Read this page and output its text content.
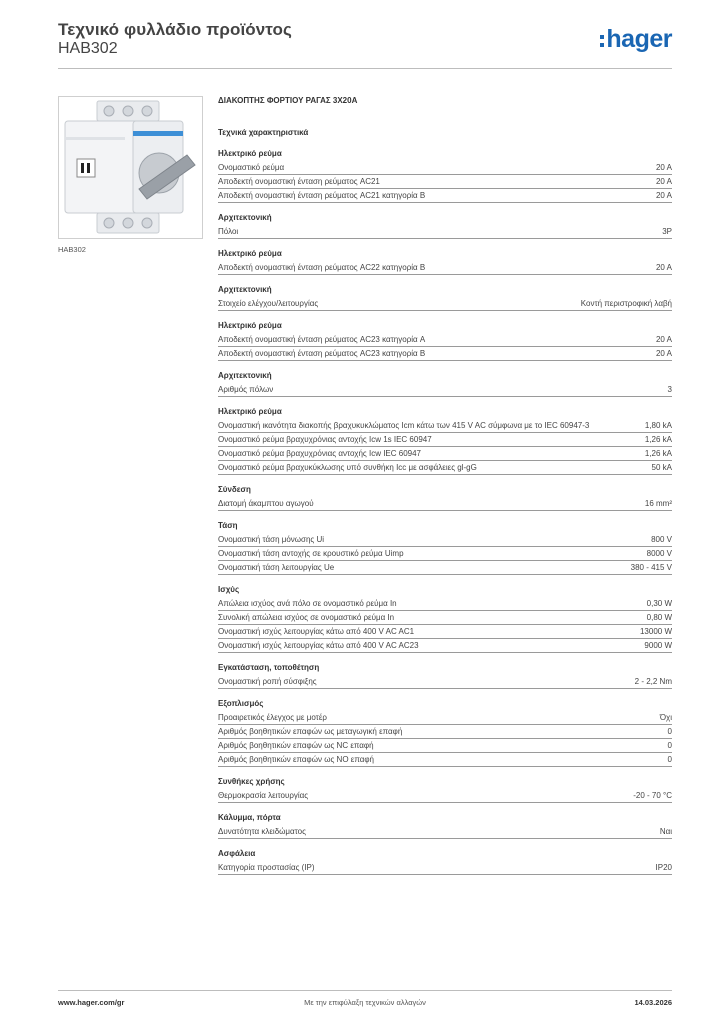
Τεχνικό φυλλάδιο προϊόντος
HAB302	hager
HAB302
ΔΙΑΚΟΠΤΗΣ ΦΟΡΤΙΟΥ ΡΑΓΑΣ 3Χ20Α
Τεχνικά χαρακτηριστικά
Ηλεκτρικό ρεύμα
Ονομαστικό ρεύμα	20 A
Αποδεκτή ονομαστική ένταση ρεύματος AC21	20 A
Αποδεκτή ονομαστική ένταση ρεύματος AC21 κατηγορία B	20 A
Αρχιτεκτονική
Πόλοι	3P
Ηλεκτρικό ρεύμα
Αποδεκτή ονομαστική ένταση ρεύματος AC22 κατηγορία B	20 A
Αρχιτεκτονική
Στοιχείο ελέγχου/λειτουργίας	Κοντή περιστροφική λαβή
Ηλεκτρικό ρεύμα
Αποδεκτή ονομαστική ένταση ρεύματος AC23 κατηγορία A	20 A
Αποδεκτή ονομαστική ένταση ρεύματος AC23 κατηγορία B	20 A
Αρχιτεκτονική
Αριθμός πόλων	3
Ηλεκτρικό ρεύμα
Ονομαστική ικανότητα διακοπής βραχυκυκλώματος Icm κάτω των 415 V AC σύμφωνα με το IEC 60947-3	1,80 kA
Ονομαστικό ρεύμα βραχυχρόνιας αντοχής Icw 1s IEC 60947	1,26 kA
Ονομαστικό ρεύμα βραχυχρόνιας αντοχής Icw IEC 60947	1,26 kA
Ονομαστικό ρεύμα βραχυκύκλωσης υπό συνθήκη Icc με ασφάλειες gl-gG	50 kA
Σύνδεση
Διατομή άκαμπτου αγωγού	16 mm²
Τάση
Ονομαστική τάση μόνωσης Ui	800 V
Ονομαστική τάση αντοχής σε κρουστικό ρεύμα Uimp	8000 V
Ονομαστική τάση λειτουργίας Ue	380 - 415 V
Ισχύς
Απώλεια ισχύος ανά πόλο σε ονομαστικό ρεύμα In	0,30 W
Συνολική απώλεια ισχύος σε ονομαστικό ρεύμα In	0,80 W
Ονομαστική ισχύς λειτουργίας κάτω από 400 V AC AC1	13000 W
Ονομαστική ισχύς λειτουργίας κάτω από 400 V AC AC23	9000 W
Εγκατάσταση, τοποθέτηση
Ονομαστική ροπή σύσφιξης	2 - 2,2 Nm
Εξοπλισμός
Προαιρετικός έλεγχος με μοτέρ	Όχι
Αριθμός βοηθητικών επαφών ως μεταγωγική επαφή	0
Αριθμός βοηθητικών επαφών ως NC επαφή	0
Αριθμός βοηθητικών επαφών ως NO επαφή	0
Συνθήκες χρήσης
Θερμοκρασία λειτουργίας	-20 - 70 °C
Κάλυμμα, πόρτα
Δυνατότητα κλειδώματος	Ναι
Ασφάλεια
Κατηγορία προστασίας (IP)	IP20
www.hager.com/gr	Με την επιφύλαξη τεχνικών αλλαγών	14.03.2026
